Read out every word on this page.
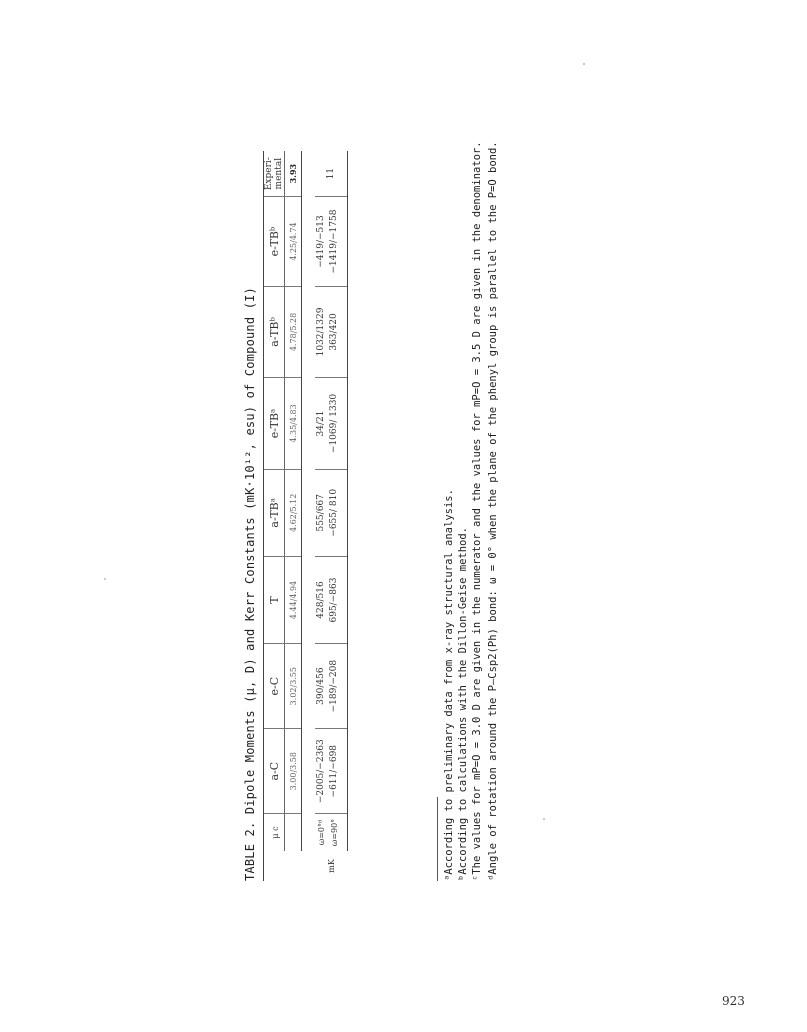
TABLE 2. Dipole Moments (μ, D) and Kerr Constants (mK·10¹², esu) of Compound (I)
	μ c	a-C	e-C	T	a-TBᵃ	e-TBᵃ	a-TBᵇ	e-TBᵇ	Experi-mental
		3.00/3.58	3.02/3.55	4.44/4.94	4.62/5.12	4.35/4.83	4.78/5.28	4.25/4.74	3.93

mK	ω=0°ᵈ	−2005/−2363	390/456	428/516	555/667	34/21	1032/1329	−419/−513	11
	ω=90°	−611/−698	−189/−208	695/−863	−655/ 810	−1069/ 1330	363/420	−1419/−1758	
ᵃAccording to preliminary data from x-ray structural analysis. ᵇAccording to calculations with the Dillon-Geise method. ᶜThe values for mP=O = 3.0 D are given in the numerator and the values for mP=O = 3.5 D are given in the denominator. ᵈAngle of rotation around the P—Csp2(Ph) bond: ω = 0° when the plane of the phenyl group is parallel to the P=O bond.
923
